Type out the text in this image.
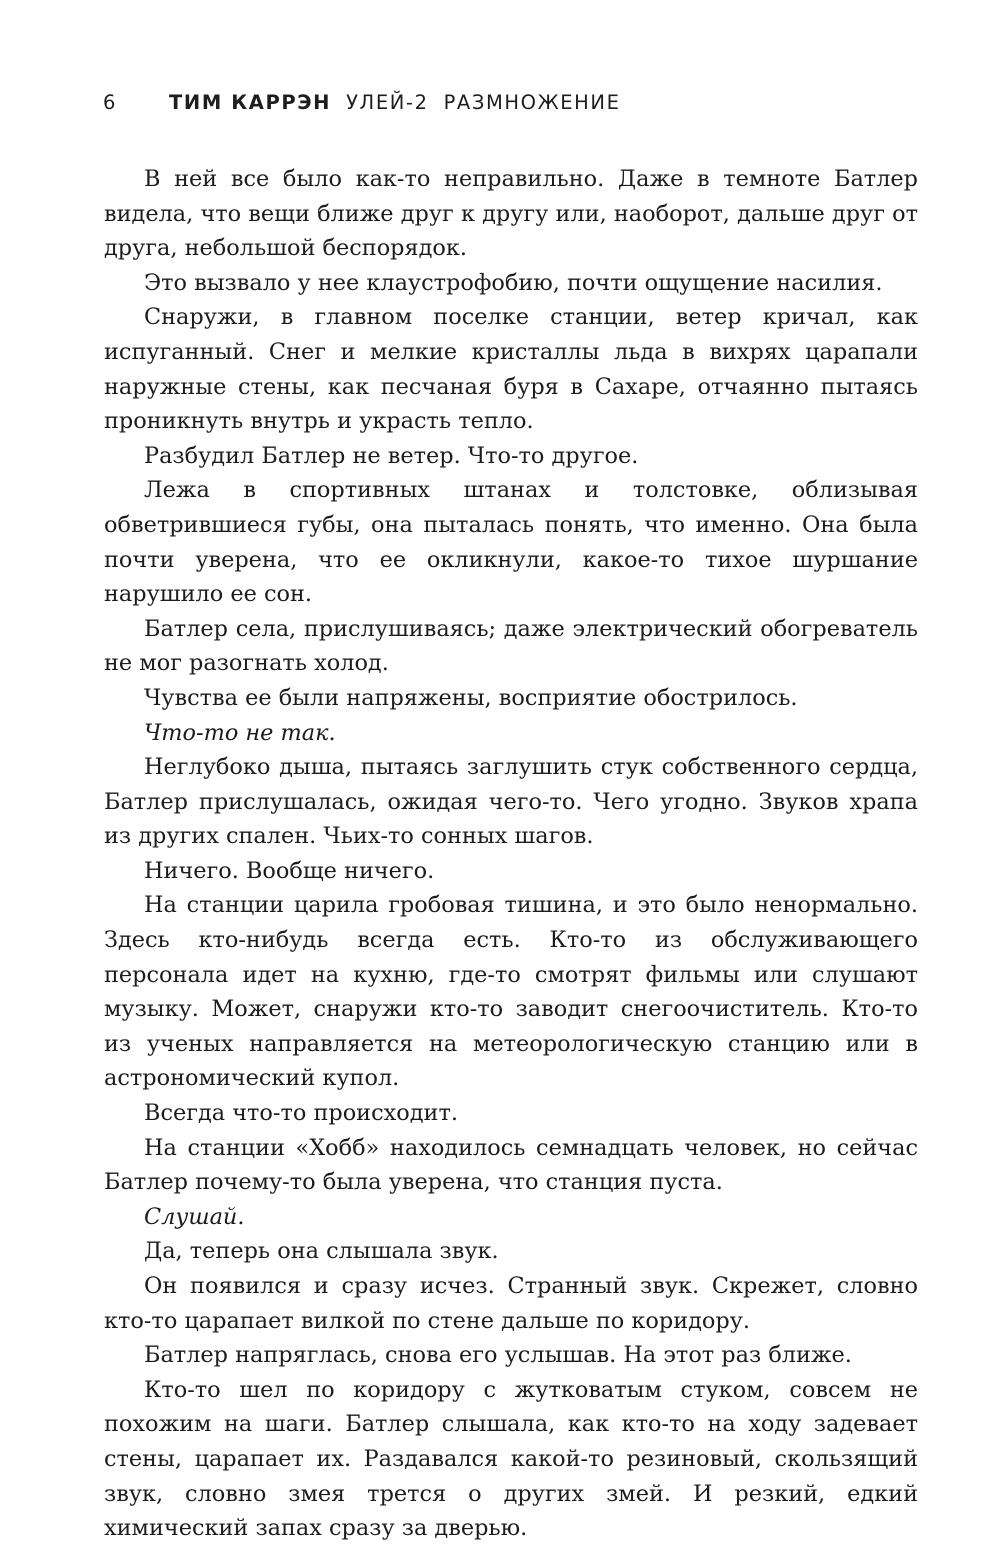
6	ТИМ КАРРЭН УЛЕЙ-2 РАЗМНОЖЕНИЕ

В ней все было как-то неправильно. Даже в темноте Батлер видела, что вещи ближе друг к другу или, наоборот, дальше друг от друга, небольшой беспорядок.

Это вызвало у нее клаустрофобию, почти ощущение насилия.

Снаружи, в главном поселке станции, ветер кричал, как испуганный. Снег и мелкие кристаллы льда в вихрях царапали наружные стены, как песчаная буря в Сахаре, отчаянно пытаясь проникнуть внутрь и украсть тепло.

Разбудил Батлер не ветер. Что-то другое.

Лежа в спортивных штанах и толстовке, облизывая обветрившиеся губы, она пыталась понять, что именно. Она была почти уверена, что ее окликнули, какое-то тихое шуршание нарушило ее сон.

Батлер села, прислушиваясь; даже электрический обогреватель не мог разогнать холод.

Чувства ее были напряжены, восприятие обострилось.

Что-то не так.

Неглубоко дыша, пытаясь заглушить стук собственного сердца, Батлер прислушалась, ожидая чего-то. Чего угодно. Звуков храпа из других спален. Чьих-то сонных шагов.

Ничего. Вообще ничего.

На станции царила гробовая тишина, и это было ненормально. Здесь кто-нибудь всегда есть. Кто-то из обслуживающего персонала идет на кухню, где-то смотрят фильмы или слушают музыку. Может, снаружи кто-то заводит снегоочиститель. Кто-то из ученых направляется на метеорологическую станцию или в астрономический купол.

Всегда что-то происходит.

На станции «Хобб» находилось семнадцать человек, но сейчас Батлер почему-то была уверена, что станция пуста.

Слушай.

Да, теперь она слышала звук.

Он появился и сразу исчез. Странный звук. Скрежет, словно кто-то царапает вилкой по стене дальше по коридору.

Батлер напряглась, снова его услышав. На этот раз ближе.

Кто-то шел по коридору с жутковатым стуком, совсем не похожим на шаги. Батлер слышала, как кто-то на ходу задевает стены, царапает их. Раздавался какой-то резиновый, скользящий звук, словно змея трется о других змей. И резкий, едкий химический запах сразу за дверью.
